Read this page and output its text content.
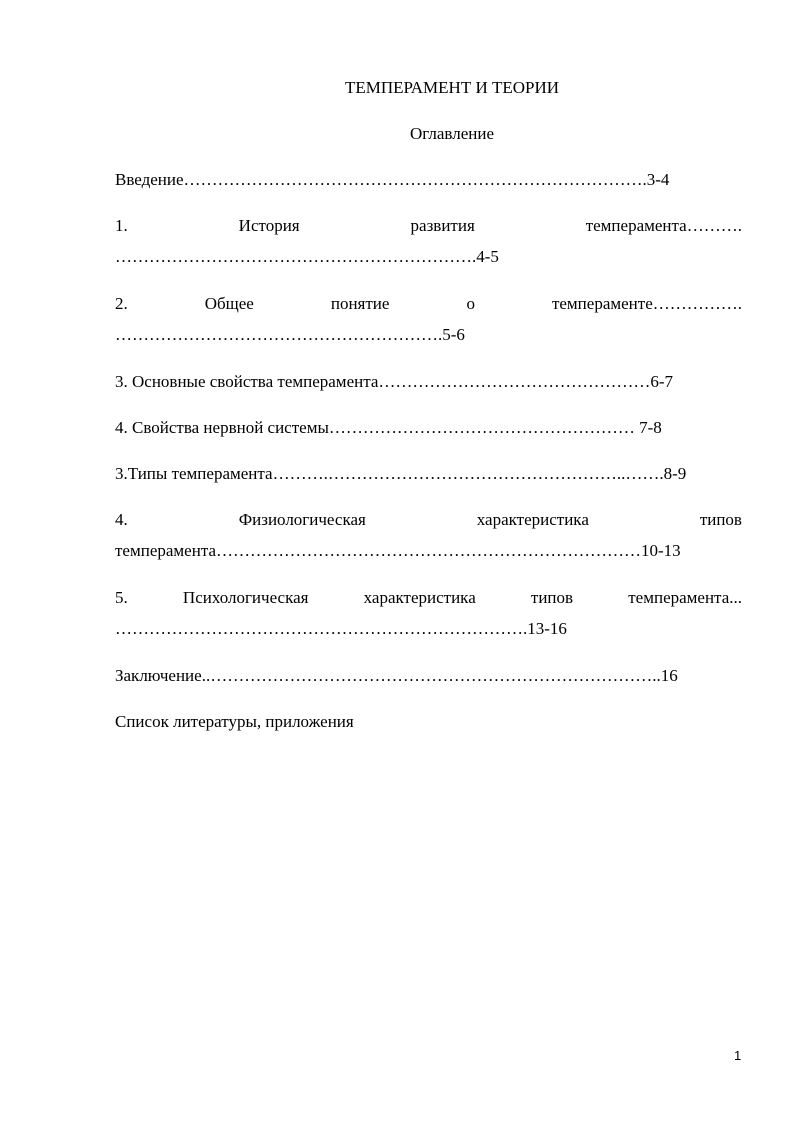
ТЕМПЕРАМЕНТ И ТЕОРИИ
Оглавление
Введение……………………………………………………………………….3-4
1.	История	развития	темперамента……….
……………………………………………………….4-5
2.	Общее	понятие	о	темпераменте…………….
………………………………………………….5-6
3. Основные свойства темперамента…………………………………………6-7
4. Свойства нервной системы……………………………………………… 7-8
3.Типы темперамента……….……………………………………………..…….8-9
4.	Физиологическая	характеристика	типов
темперамента…………………………………………………………………10-13
5.	Психологическая	характеристика	типов	темперамента...
……………………………………………………………….13-16
Заключение..……………………………………………………………………..16
Список литературы, приложения
1
